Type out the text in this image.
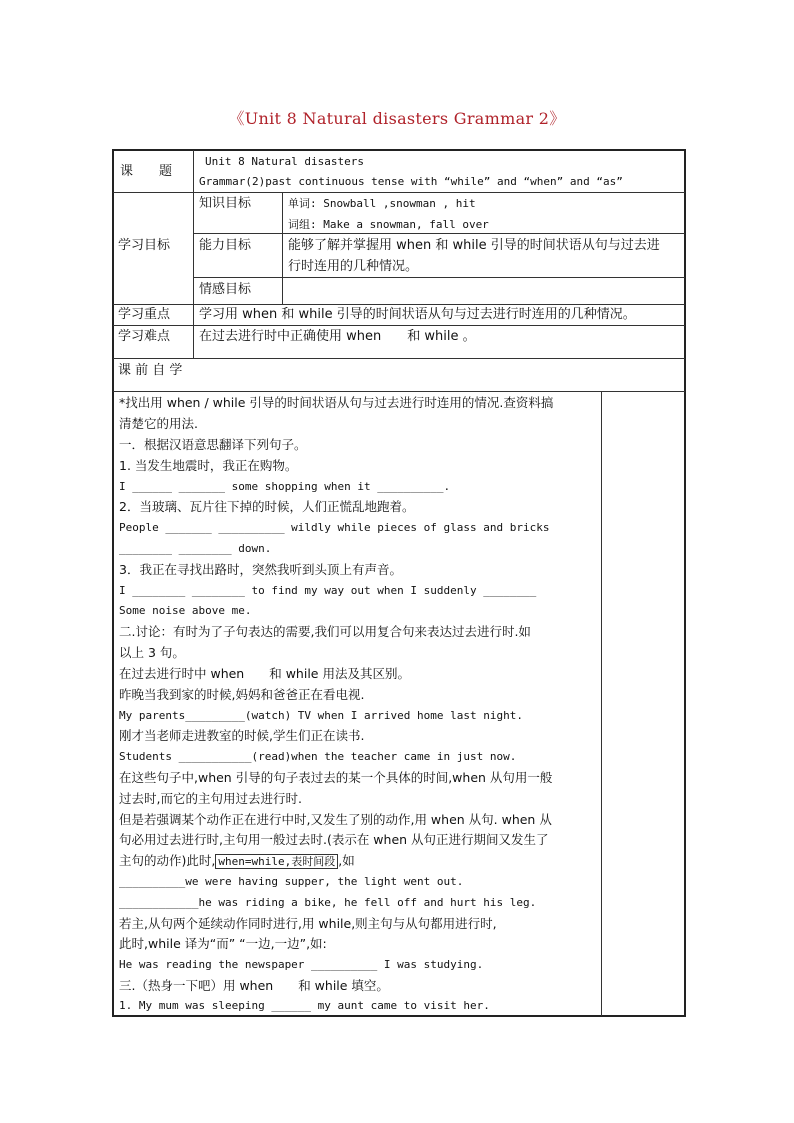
《Unit 8 Natural disasters Grammar 2》
课　　题
Unit 8 Natural disasters
Grammar(2)past continuous tense with “while” and “when” and “as”
学习目标
知识目标	单词: Snowball ,snowman , hit
词组: Make a snowman, fall over
能力目标	能够了解并掌握用 when 和 while 引导的时间状语从句与过去进
行时连用的几种情况。
情感目标
学习重点 学习用 when 和 while 引导的时间状语从句与过去进行时连用的几种情况。
学习难点 在过去进行时中正确使用 when　　和 while 。
课 前 自 学
*找出用 when / while 引导的时间状语从句与过去进行时连用的情况.查资料搞
清楚它的用法.
一．根据汉语意思翻译下列句子。
1. 当发生地震时，我正在购物。
I ______ _______ some shopping when it __________.
2．当玻璃、瓦片往下掉的时候，人们正慌乱地跑着。
People _______ __________ wildly while pieces of glass and bricks
________ ________ down.
3．我正在寻找出路时，突然我听到头顶上有声音。
I ________ ________ to find my way out when I suddenly ________
Some noise above me.
二.讨论：有时为了子句表达的需要,我们可以用复合句来表达过去进行时.如
以上 3 句。
在过去进行时中 when　　和 while 用法及其区别。
昨晚当我到家的时候,妈妈和爸爸正在看电视.
My parents_________(watch) TV when I arrived home last night.
刚才当老师走进教室的时候,学生们正在读书.
Students ___________(read)when the teacher came in just now.
在这些句子中,when 引导的句子表过去的某一个具体的时间,when 从句用一般
过去时,而它的主句用过去进行时.
但是若强调某个动作正在进行中时,又发生了别的动作,用 when 从句. when 从
句必用过去进行时,主句用一般过去时.(表示在 when 从句正进行期间又发生了
主句的动作)此时, when=while,表时间段 ,如
__________we were having supper, the light went out.
____________he was riding a bike, he fell off and hurt his leg.
若主,从句两个延续动作同时进行,用 while,则主句与从句都用进行时,
此时,while 译为“而” “一边,一边”,如:
He was reading the newspaper __________ I was studying.
三.（热身一下吧）用 when　　和 while 填空。
1. My mum was sleeping ______ my aunt came to visit her.
